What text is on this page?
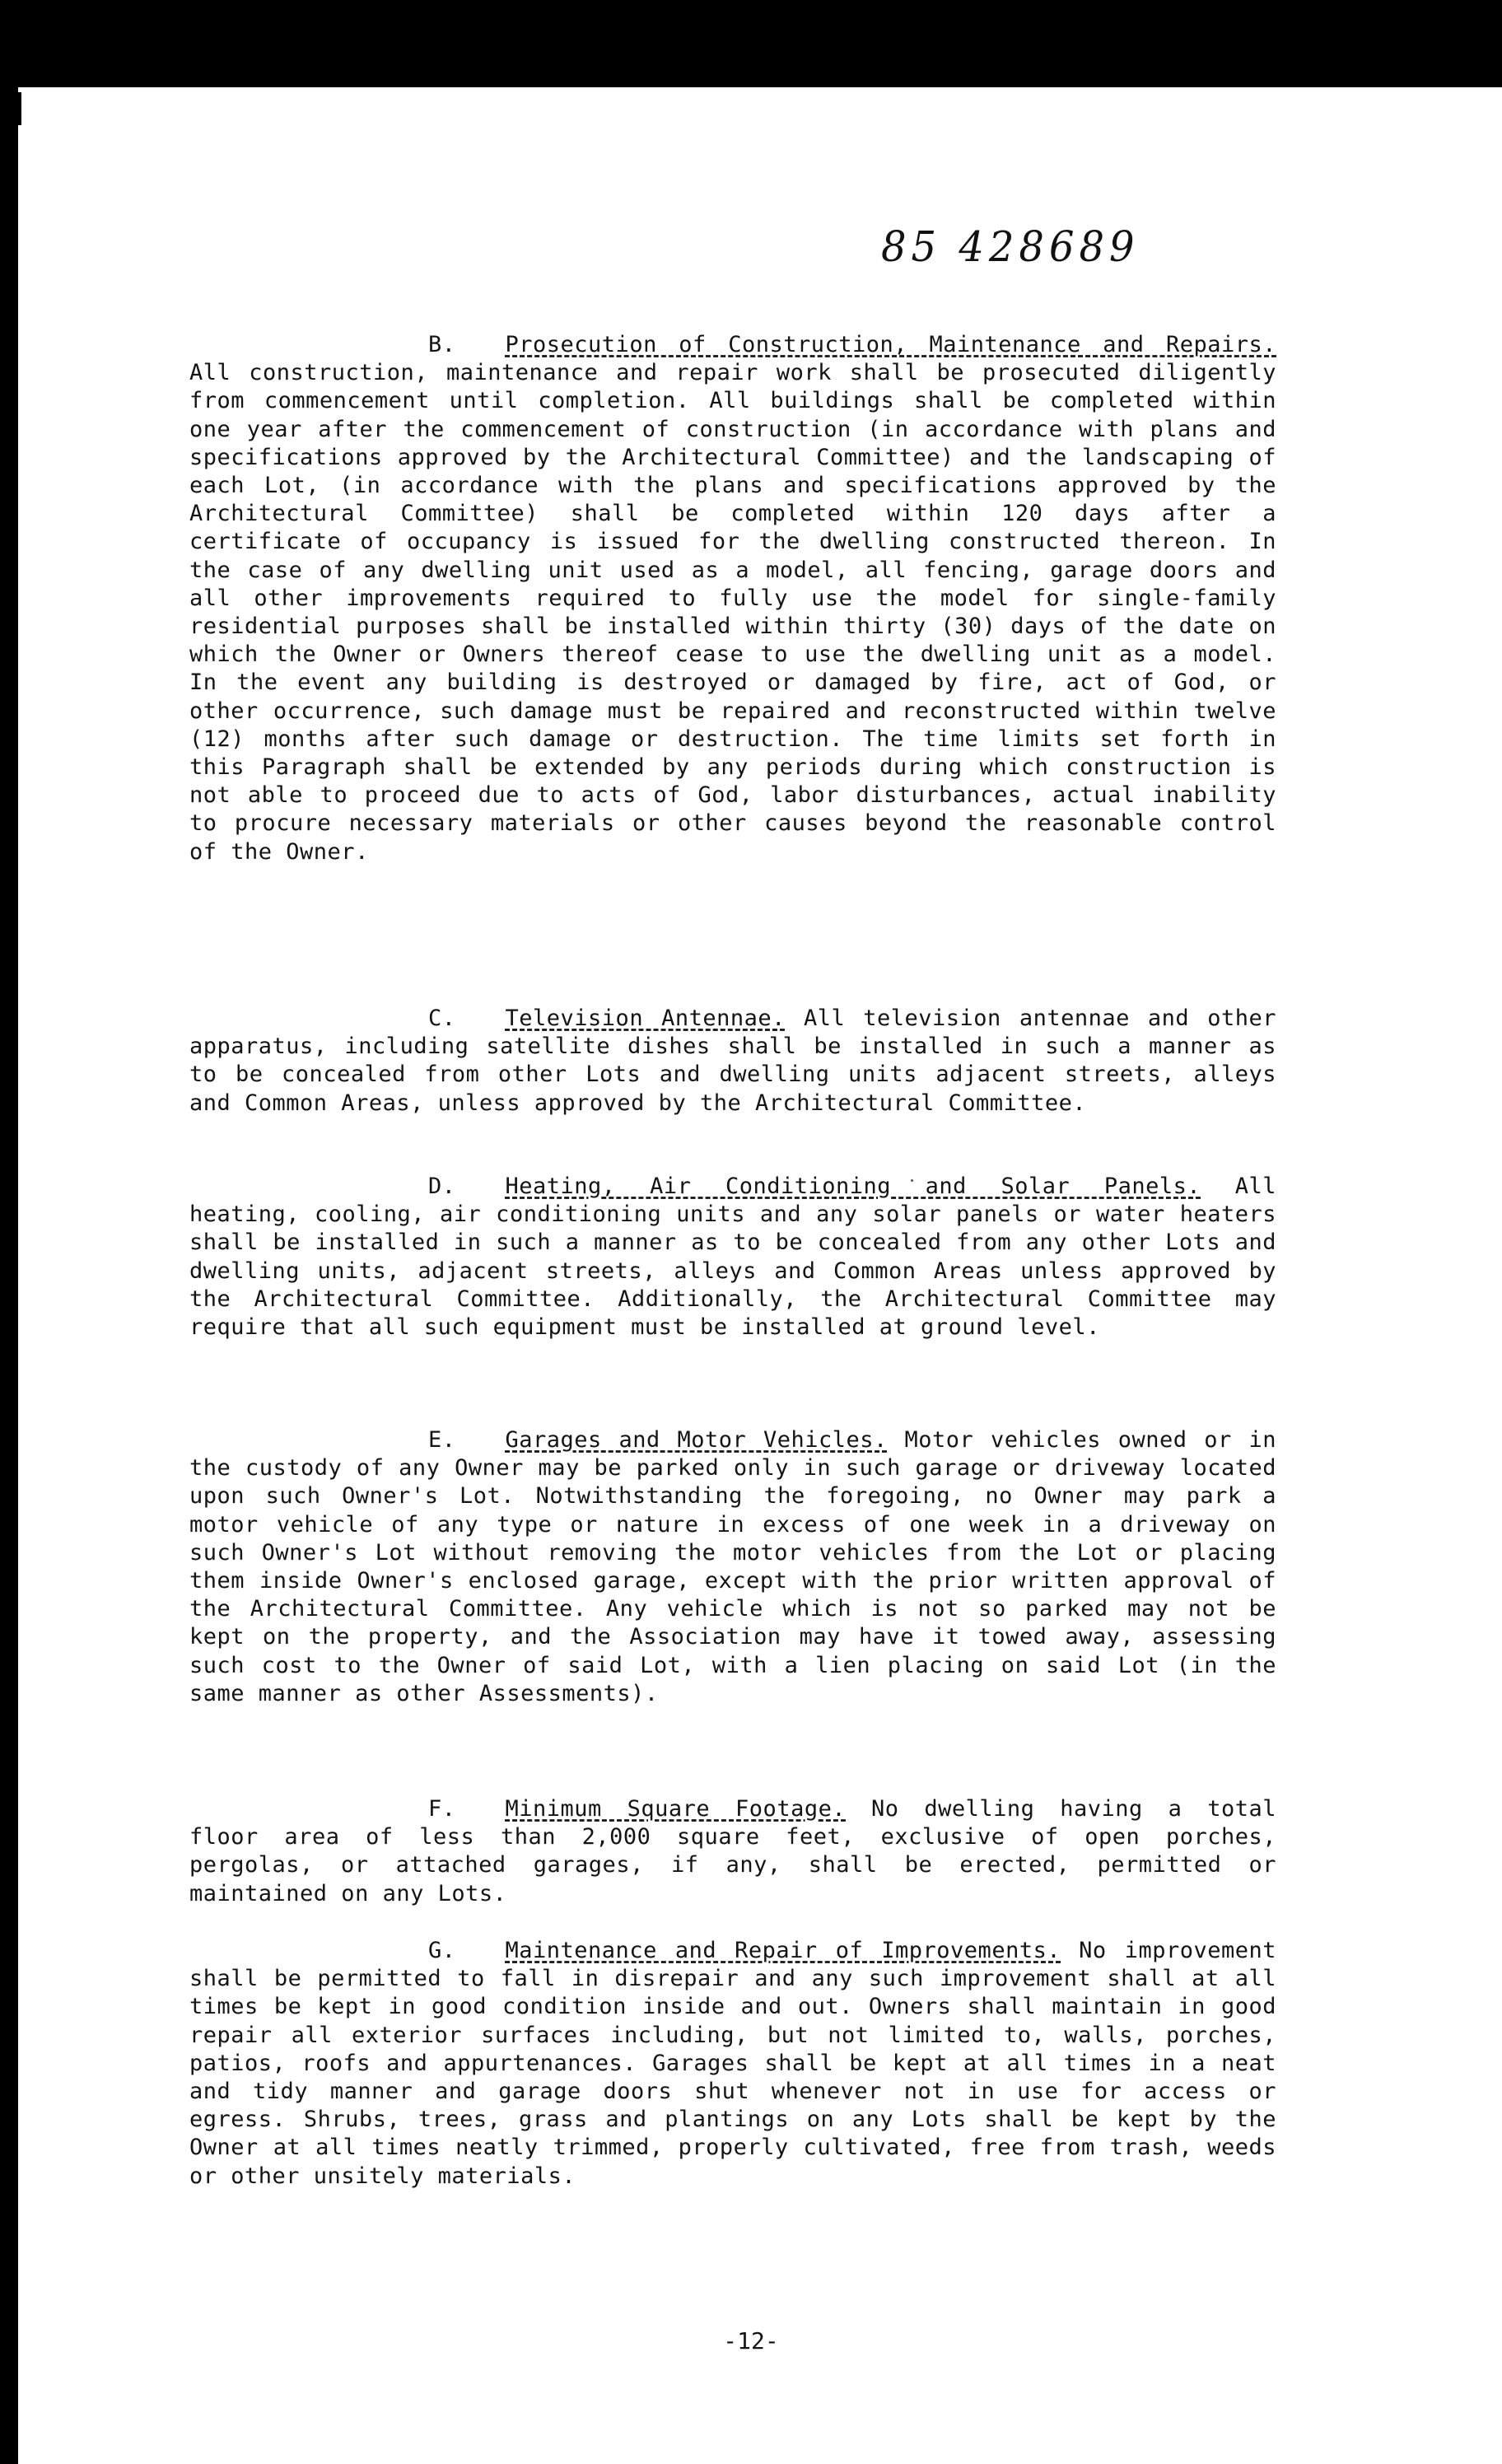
85 428689

B. Prosecution of Construction, Maintenance and Repairs. All construction, maintenance and repair work shall be prosecuted diligently from commencement until completion. All buildings shall be completed within one year after the commencement of construction (in accordance with plans and specifications approved by the Architectural Committee) and the landscaping of each Lot, (in accordance with the plans and specifications approved by the Architectural Committee) shall be completed within 120 days after a certificate of occupancy is issued for the dwelling constructed thereon. In the case of any dwelling unit used as a model, all fencing, garage doors and all other improvements required to fully use the model for single-family residential purposes shall be installed within thirty (30) days of the date on which the Owner or Owners thereof cease to use the dwelling unit as a model. In the event any building is destroyed or damaged by fire, act of God, or other occurrence, such damage must be repaired and reconstructed within twelve (12) months after such damage or destruction. The time limits set forth in this Paragraph shall be extended by any periods during which construction is not able to proceed due to acts of God, labor disturbances, actual inability to procure necessary materials or other causes beyond the reasonable control of the Owner.

C. Television Antennae. All television antennae and other apparatus, including satellite dishes shall be installed in such a manner as to be concealed from other Lots and dwelling units adjacent streets, alleys and Common Areas, unless approved by the Architectural Committee.

D. Heating, Air Conditioning and Solar Panels. All heating, cooling, air conditioning units and any solar panels or water heaters shall be installed in such a manner as to be concealed from any other Lots and dwelling units, adjacent streets, alleys and Common Areas unless approved by the Architectural Committee. Additionally, the Architectural Committee may require that all such equipment must be installed at ground level.

E. Garages and Motor Vehicles. Motor vehicles owned or in the custody of any Owner may be parked only in such garage or driveway located upon such Owner's Lot. Notwithstanding the foregoing, no Owner may park a motor vehicle of any type or nature in excess of one week in a driveway on such Owner's Lot without removing the motor vehicles from the Lot or placing them inside Owner's enclosed garage, except with the prior written approval of the Architectural Committee. Any vehicle which is not so parked may not be kept on the property, and the Association may have it towed away, assessing such cost to the Owner of said Lot, with a lien placing on said Lot (in the same manner as other Assessments).

F. Minimum Square Footage. No dwelling having a total floor area of less than 2,000 square feet, exclusive of open porches, pergolas, or attached garages, if any, shall be erected, permitted or maintained on any Lots.

G. Maintenance and Repair of Improvements. No improvement shall be permitted to fall in disrepair and any such improvement shall at all times be kept in good condition inside and out. Owners shall maintain in good repair all exterior surfaces including, but not limited to, walls, porches, patios, roofs and appurtenances. Garages shall be kept at all times in a neat and tidy manner and garage doors shut whenever not in use for access or egress. Shrubs, trees, grass and plantings on any Lots shall be kept by the Owner at all times neatly trimmed, properly cultivated, free from trash, weeds or other unsitely materials.

-12-
